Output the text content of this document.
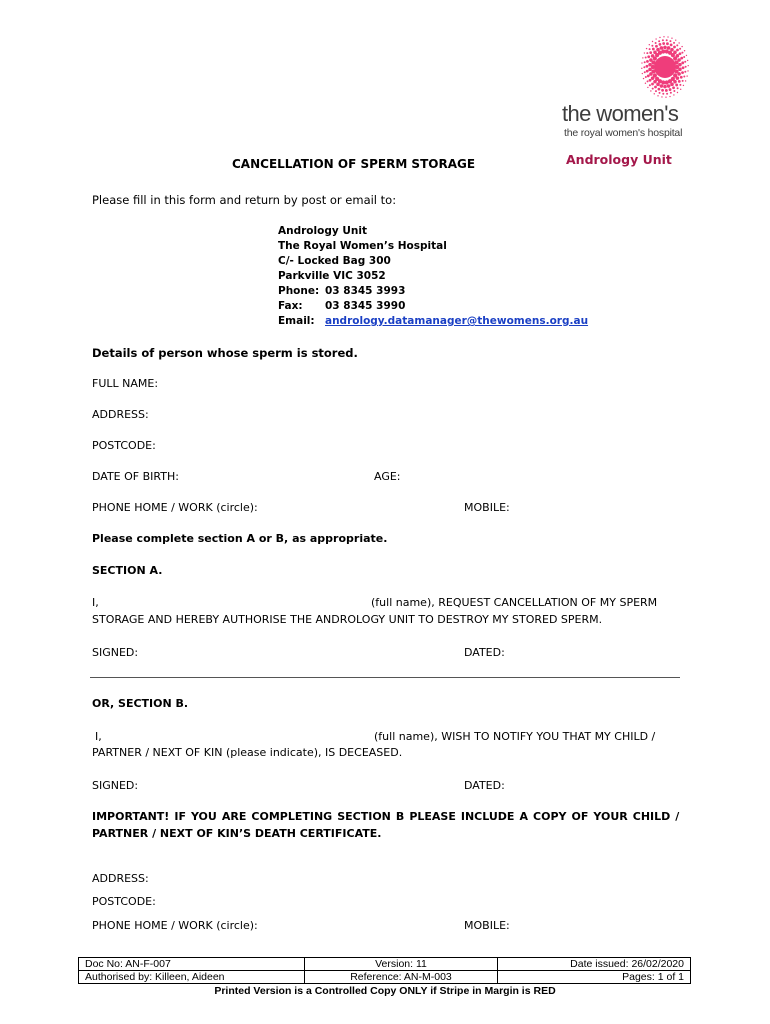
the women's
the royal women's hospital
Andrology Unit
CANCELLATION OF SPERM STORAGE
Please fill in this form and return by post or email to:
Andrology Unit
The Royal Women’s Hospital
C/- Locked Bag 300
Parkville VIC 3052
Phone: 03 8345 3993
Fax: 03 8345 3990
Email: andrology.datamanager@thewomens.org.au
Details of person whose sperm is stored.
FULL NAME:
ADDRESS:
POSTCODE:
DATE OF BIRTH:	AGE:
PHONE HOME / WORK (circle):	MOBILE:
Please complete section A or B, as appropriate.
SECTION A.
I,	(full name), REQUEST CANCELLATION OF MY SPERM
STORAGE AND HEREBY AUTHORISE THE ANDROLOGY UNIT TO DESTROY MY STORED SPERM.
SIGNED:	DATED:
OR, SECTION B.
I,	(full name), WISH TO NOTIFY YOU THAT MY CHILD /
PARTNER / NEXT OF KIN (please indicate), IS DECEASED.
SIGNED:	DATED:
IMPORTANT! IF YOU ARE COMPLETING SECTION B PLEASE INCLUDE A COPY OF YOUR CHILD /
PARTNER / NEXT OF KIN’S DEATH CERTIFICATE.
ADDRESS:
POSTCODE:
PHONE HOME / WORK (circle):	MOBILE:
Doc No: AN-F-007	Version: 11	Date issued: 26/02/2020
Authorised by: Killeen, Aideen	Reference: AN-M-003	Pages: 1 of 1
Printed Version is a Controlled Copy ONLY if Stripe in Margin is RED
